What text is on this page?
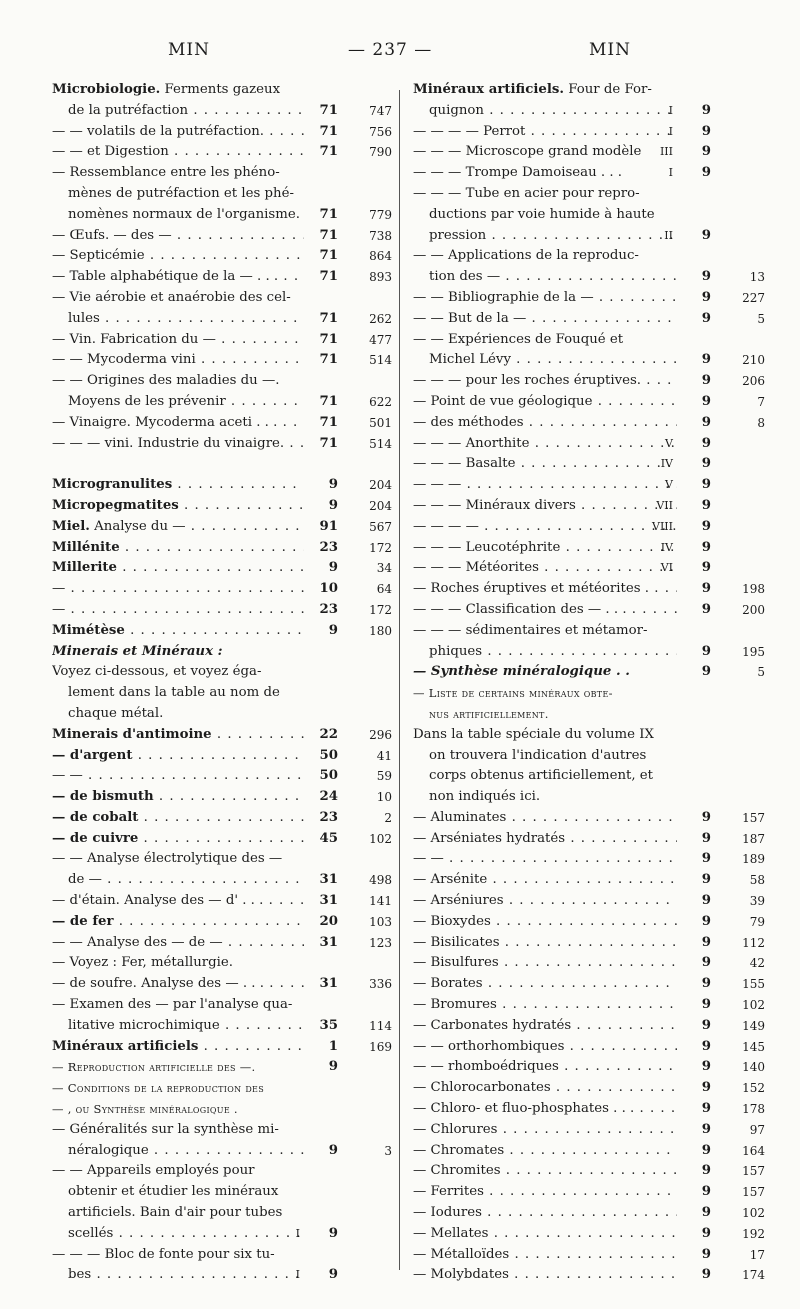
MIN	— 237 —	MIN
Microbiologie. Ferments gazeux
de la putréfaction . . .	71	747
— — volatils de la putréfaction. . . .	71	756
— — et Digestion . . .	71	790
— Ressemblance entre les phéno-
mènes de putréfaction et les phé-
nomènes normaux de l'organisme. . . .	71	779
— Œufs. — des — . . .	71	738
— Septicémie . . .	71	864
— Table alphabétique de la — . . . . . .	71	893
— Vie aérobie et anaérobie des cel-
lules . . .	71	262
— Vin. Fabrication du — . . .	71	477
— — Mycoderma vini . . .	71	514
— — Origines des maladies du —.
Moyens de les prévenir . . .	71	622
— Vinaigre. Mycoderma aceti . . . . . .	71	501
— — — vini. Industrie du vinaigre. . . .	71	514
Microgranulites . . .	9	204
Micropegmatites . . .	9	204
Miel. Analyse du — . . .	91	567
Millénite . . .	23	172
Millerite . . .	9	34
— . . .	10	64
— . . .	23	172
Mimétèse . . .	9	180
Minerais et Minéraux :
Voyez ci-dessous, et voyez éga-
lement dans la table au nom de
chaque métal.
Minerais d'antimoine . . .	22	296
— d'argent . . .	50	41
— — . . .	50	59
— de bismuth . . .	24	10
— de cobalt . . .	23	2
— de cuivre . . .	45	102
— — Analyse électrolytique des —
de — . . .	31	498
— d'étain. Analyse des — d' . . . . . .	31	141
— de fer . . .	20	103
— — Analyse des — de — . . .	31	123
— Voyez : Fer, métallurgie.
— de soufre. Analyse des — . . . . . .	31	336
— Examen des — par l'analyse qua-
litative microchimique . . .	35	114
Minéraux artificiels . . .	1	169
— Reproduction artificielle des —.	9
— Conditions de la reproduction des
— , ou Synthèse minéralogique .
— Généralités sur la synthèse mi-
néralogique . . .	9	3
— — Appareils employés pour
obtenir et étudier les minéraux
artificiels. Bain d'air pour tubes
scellés . . .	I	9
— — — Bloc de fonte pour six tu-
bes . . .	I	9
Minéraux artificiels. Four de For-
quignon . . .	I	9
— — — — Perrot . . .	I	9
— — — Microscope grand modèle	III	9
— — — Trompe Damoiseau . . .	I	9
— — — Tube en acier pour repro-
ductions par voie humide à haute
pression . . .	II	9
— — Applications de la reproduc-
tion des — . . .	9	13
— — Bibliographie de la — . . .	9	227
— — But de la — . . .	9	5
— — Expériences de Fouqué et
Michel Lévy . . .	9	210
— — — pour les roches éruptives. . . .	9	206
— Point de vue géologique . . .	9	7
— des méthodes . . .	9	8
— — — Anorthite . . .	V	9
— — — Basalte . . .	IV	9
— — — . . .	V	9
— — — Minéraux divers . . .	VII	9
— — — — . . .	VIII	9
— — — Leucotéphrite . . .	IV	9
— — — Météorites . . .	VI	9
— Roches éruptives et météorites . . . .	9	198
— — — Classification des — . . . . . .	9	200
— — — sédimentaires et métamor-
phiques . . .	9	195
— Synthèse minéralogique . .	9	5
— Liste de certains minéraux obte-
nus artificiellement.
Dans la table spéciale du volume IX
on trouvera l'indication d'autres
corps obtenus artificiellement, et
non indiqués ici.
— Aluminates . . .	9	157
— Arséniates hydratés . . .	9	187
— — . . .	9	189
— Arsénite . . .	9	58
— Arséniures . . .	9	39
— Bioxydes . . .	9	79
— Bisilicates . . .	9	112
— Bisulfures . . .	9	42
— Borates . . .	9	155
— Bromures . . .	9	102
— Carbonates hydratés . . .	9	149
— — orthorhombiques . . .	9	145
— — rhomboédriques . . .	9	140
— Chlorocarbonates . . .	9	152
— Chloro- et fluo-phosphates . . . . . .	9	178
— Chlorures . . .	9	97
— Chromates . . .	9	164
— Chromites . . .	9	157
— Ferrites . . .	9	157
— Iodures . . .	9	102
— Mellates . . .	9	192
— Métalloïdes . . .	9	17
— Molybdates . . .	9	174
